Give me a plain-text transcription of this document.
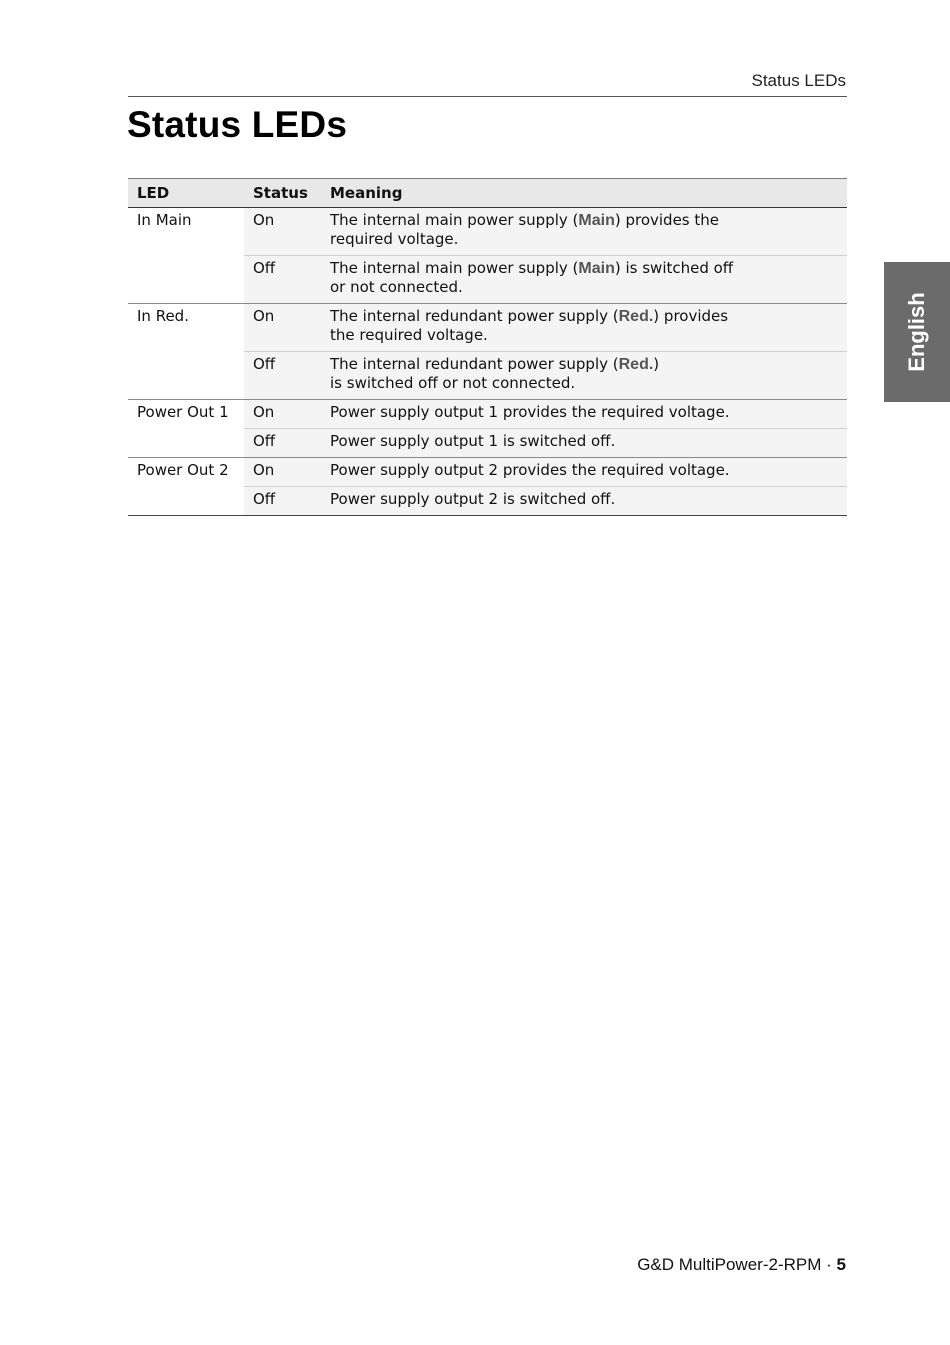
Status LEDs
Status LEDs
English
LED	Status	Meaning
In Main	On	The internal main power supply (Main) provides the required voltage.

	Off	The internal main power supply (Main) is switched off or not connected.

In Red.	On	The internal redundant power supply (Red.) provides the required voltage.

	Off	The internal redundant power supply (Red.) is switched off or not connected.

Power Out 1	On	Power supply output 1 provides the required voltage.
	Off	Power supply output 1 is switched off.
Power Out 2	On	Power supply output 2 provides the required voltage.
	Off	Power supply output 2 is switched off.
G&D MultiPower-2-RPM · 5
